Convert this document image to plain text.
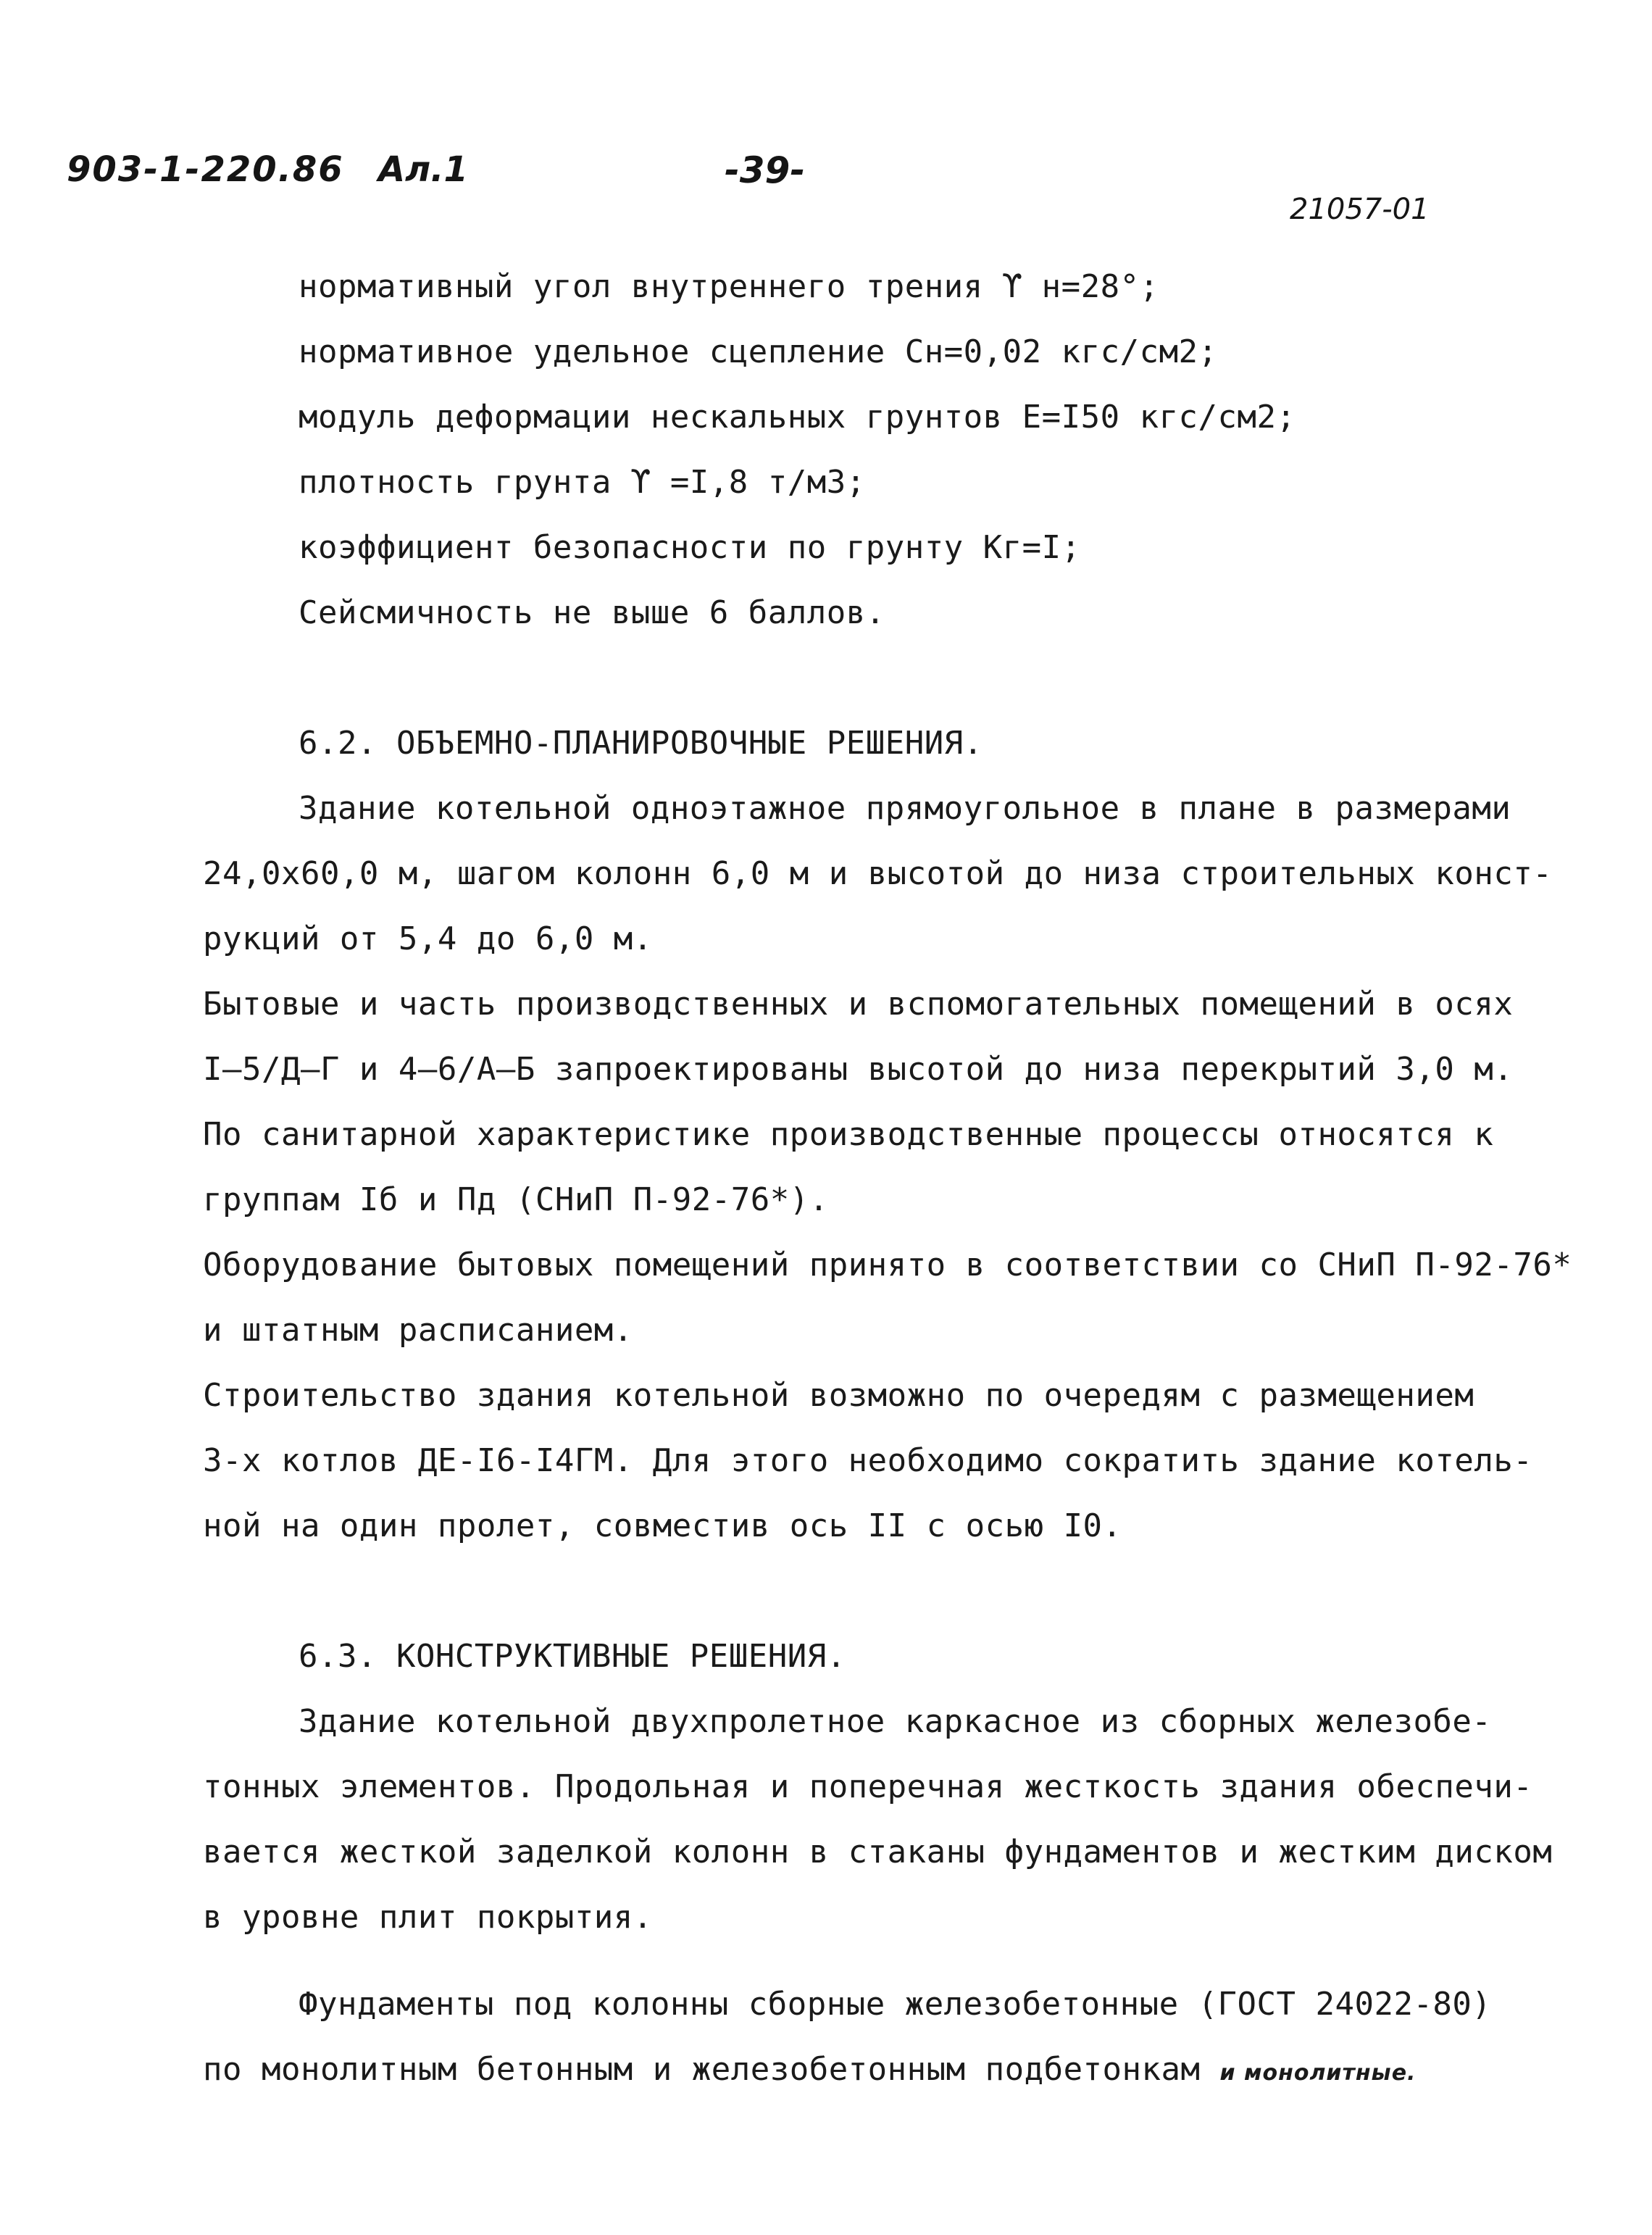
903-1-220.86 Ал.1	-39-
21057-01
нормативный угол внутреннего трения ϒ н=28°;
нормативное удельное сцепление Сн=0,02 кгс/см2;
модуль деформации нескальных грунтов Е=I50 кгс/см2;
плотность грунта ϒ =I,8 т/м3;
коэффициент безопасности по грунту Кг=I;
Сейсмичность не выше 6 баллов.
6.2. ОБЪЕМНО-ПЛАНИРОВОЧНЫЕ РЕШЕНИЯ.
Здание котельной одноэтажное прямоугольное в плане в размерами
24,0х60,0 м, шагом колонн 6,0 м и высотой до низа строительных конст-
рукций от 5,4 до 6,0 м.
Бытовые и часть производственных и вспомогательных помещений в осях
I–5/Д–Г и 4–6/А–Б запроектированы высотой до низа перекрытий 3,0 м.
По санитарной характеристике производственные процессы относятся к
группам Iб и Пд (СНиП П-92-76*).
Оборудование бытовых помещений принято в соответствии со СНиП П-92-76*
и штатным расписанием.
Строительство здания котельной возможно по очередям с размещением
3-х котлов ДЕ-I6-I4ГМ. Для этого необходимо сократить здание котель-
ной на один пролет, совместив ось II с осью I0.
6.3. КОНСТРУКТИВНЫЕ РЕШЕНИЯ.
Здание котельной двухпролетное каркасное из сборных железобе-
тонных элементов. Продольная и поперечная жесткость здания обеспечи-
вается жесткой заделкой колонн в стаканы фундаментов и жестким диском
в уровне плит покрытия.
Фундаменты под колонны сборные железобетонные (ГОСТ 24022-80)
по монолитным бетонным и железобетонным подбетонкам и монолитные.
